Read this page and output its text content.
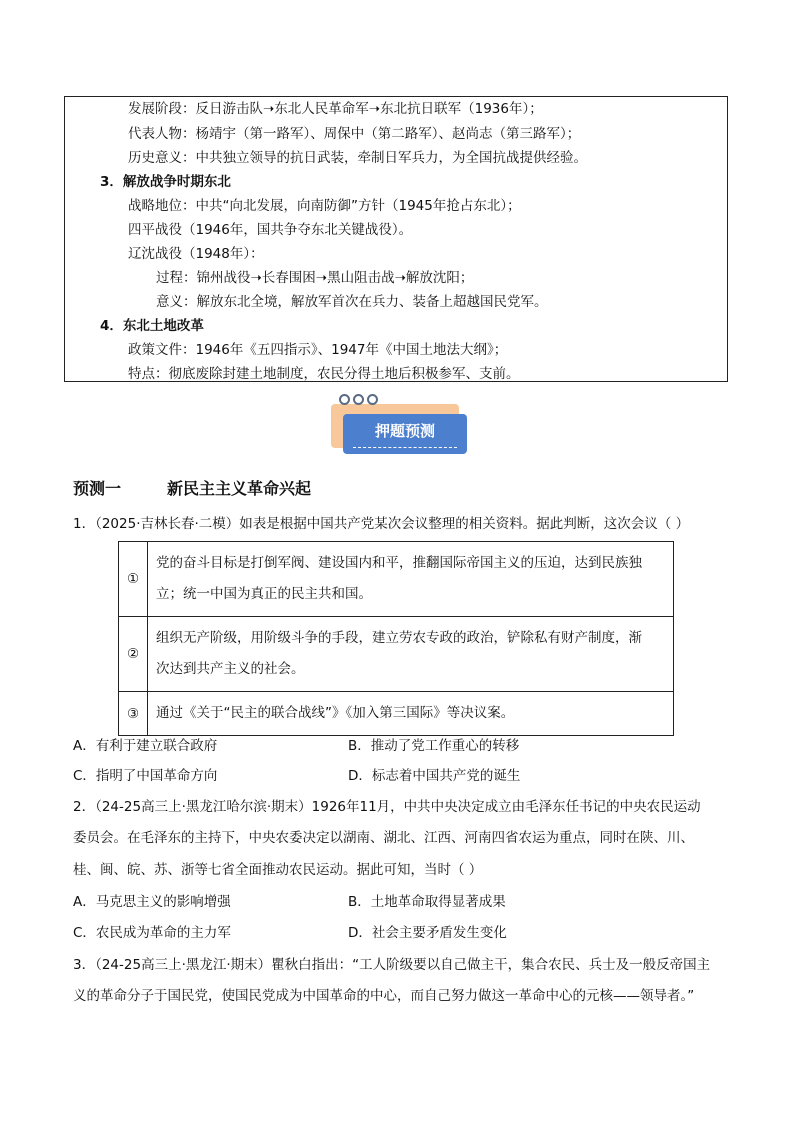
发展阶段：反日游击队➝东北人民革命军➝东北抗日联军（1936年）；
代表人物：杨靖宇（第一路军）、周保中（第二路军）、赵尚志（第三路军）；
历史意义：中共独立领导的抗日武装，牵制日军兵力，为全国抗战提供经验。
3．解放战争时期东北
战略地位：中共“向北发展，向南防御”方针（1945年抢占东北）；
四平战役（1946年，国共争夺东北关键战役）。
辽沈战役（1948年）：
过程：锦州战役➝长春围困➝黑山阻击战➝解放沈阳；
意义：解放东北全境，解放军首次在兵力、装备上超越国民党军。
4．东北土地改革
政策文件：1946年《五四指示》、1947年《中国土地法大纲》；
特点：彻底废除封建土地制度，农民分得土地后积极参军、支前。
押题预测
预测一	新民主主义革命兴起
1．（2025·吉林长春·二模）如表是根据中国共产党某次会议整理的相关资料。据此判断，这次会议（ ）
①	党的奋斗目标是打倒军阀、建设国内和平，推翻国际帝国主义的压迫，达到民族独
立；统一中国为真正的民主共和国。

②	组织无产阶级，用阶级斗争的手段，建立劳农专政的政治，铲除私有财产制度，渐
次达到共产主义的社会。

③	通过《关于“民主的联合战线”》《加入第三国际》等决议案。
A．有利于建立联合政府	B．推动了党工作重心的转移
C．指明了中国革命方向	D．标志着中国共产党的诞生
2．（24-25高三上·黑龙江哈尔滨·期末）1926年11月，中共中央决定成立由毛泽东任书记的中央农民运动
委员会。在毛泽东的主持下，中央农委决定以湖南、湖北、江西、河南四省农运为重点，同时在陕、川、
桂、闽、皖、苏、浙等七省全面推动农民运动。据此可知，当时（ ）
A．马克思主义的影响增强	B．土地革命取得显著成果
C．农民成为革命的主力军	D．社会主要矛盾发生变化
3．（24-25高三上·黑龙江·期末）瞿秋白指出：“工人阶级要以自己做主干，集合农民、兵士及一般反帝国主
义的革命分子于国民党，使国民党成为中国革命的中心，而自己努力做这一革命中心的元核——领导者。”
